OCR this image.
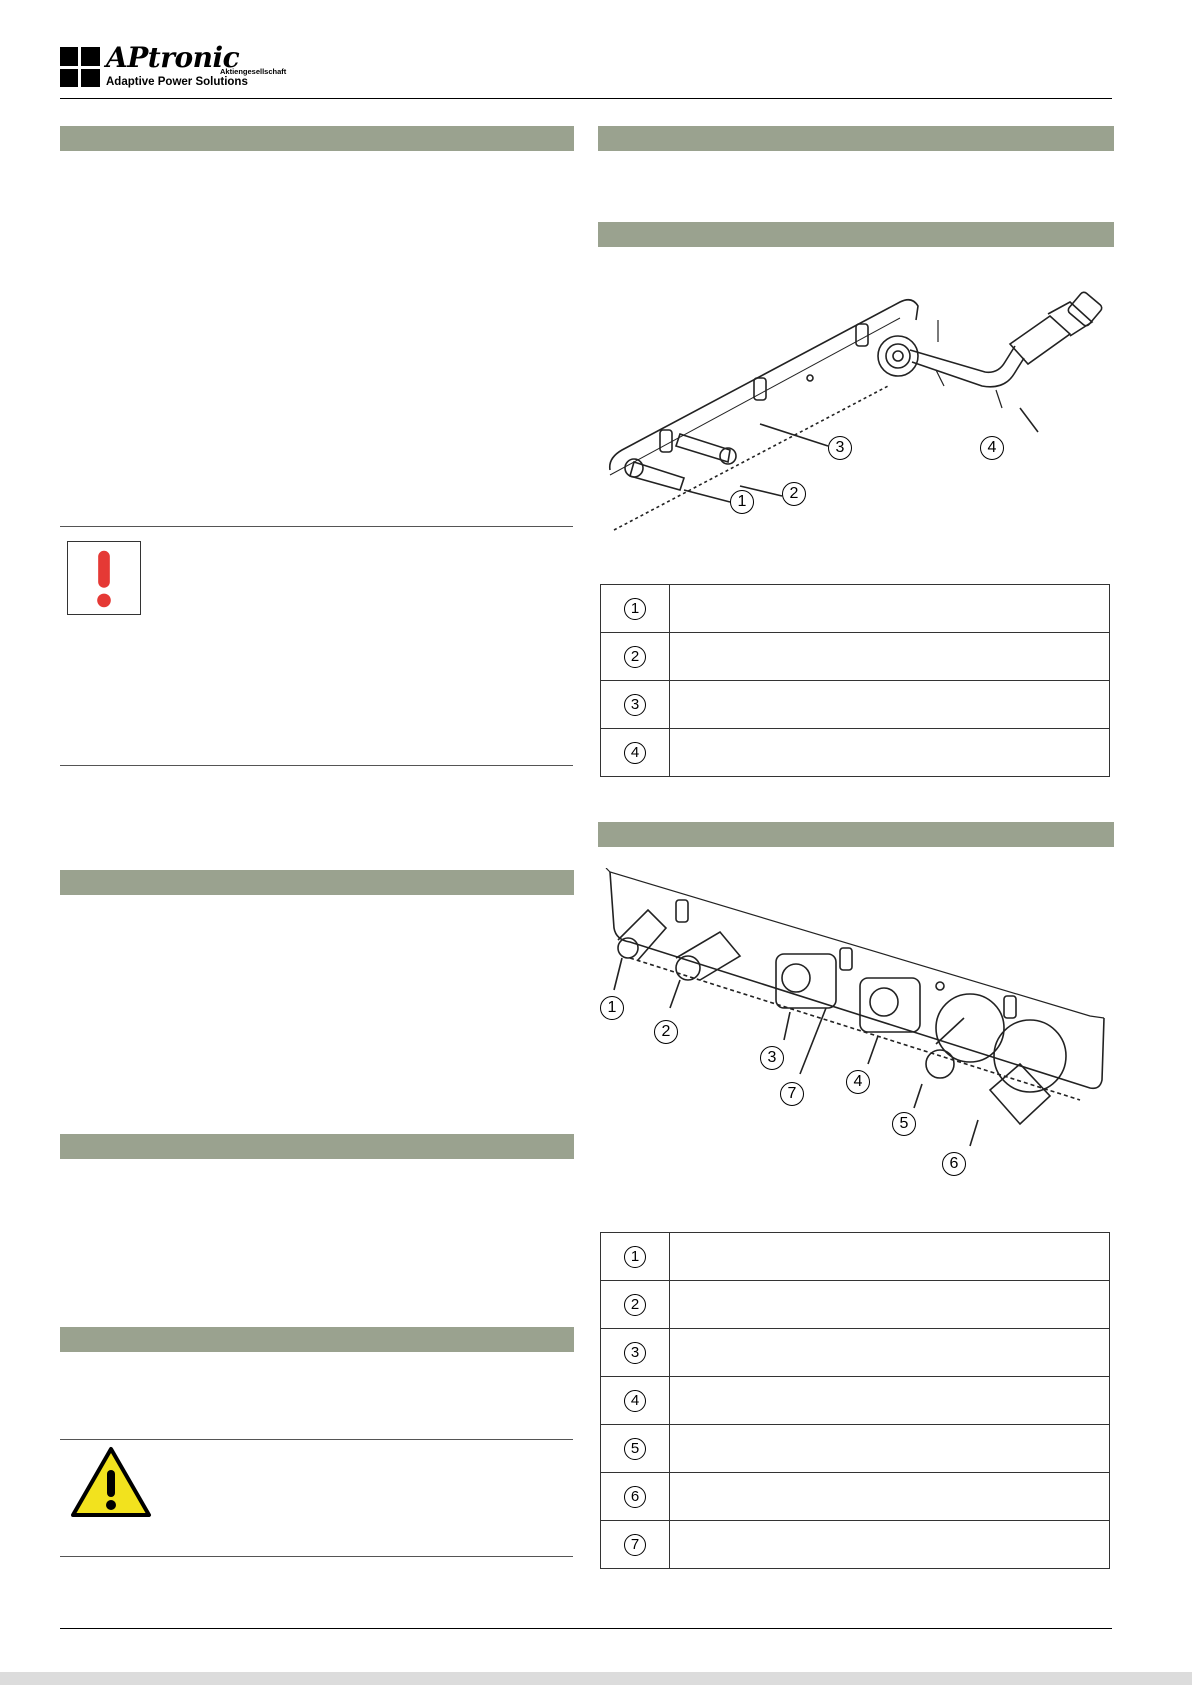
APtronic
Aktiengesellschaft
Adaptive Power Solutions
1	2
3	4
1	
2	
3	
4	
1
2
3
7
4
5
6
1	
2	
3	
4	
5	
6	
7	
